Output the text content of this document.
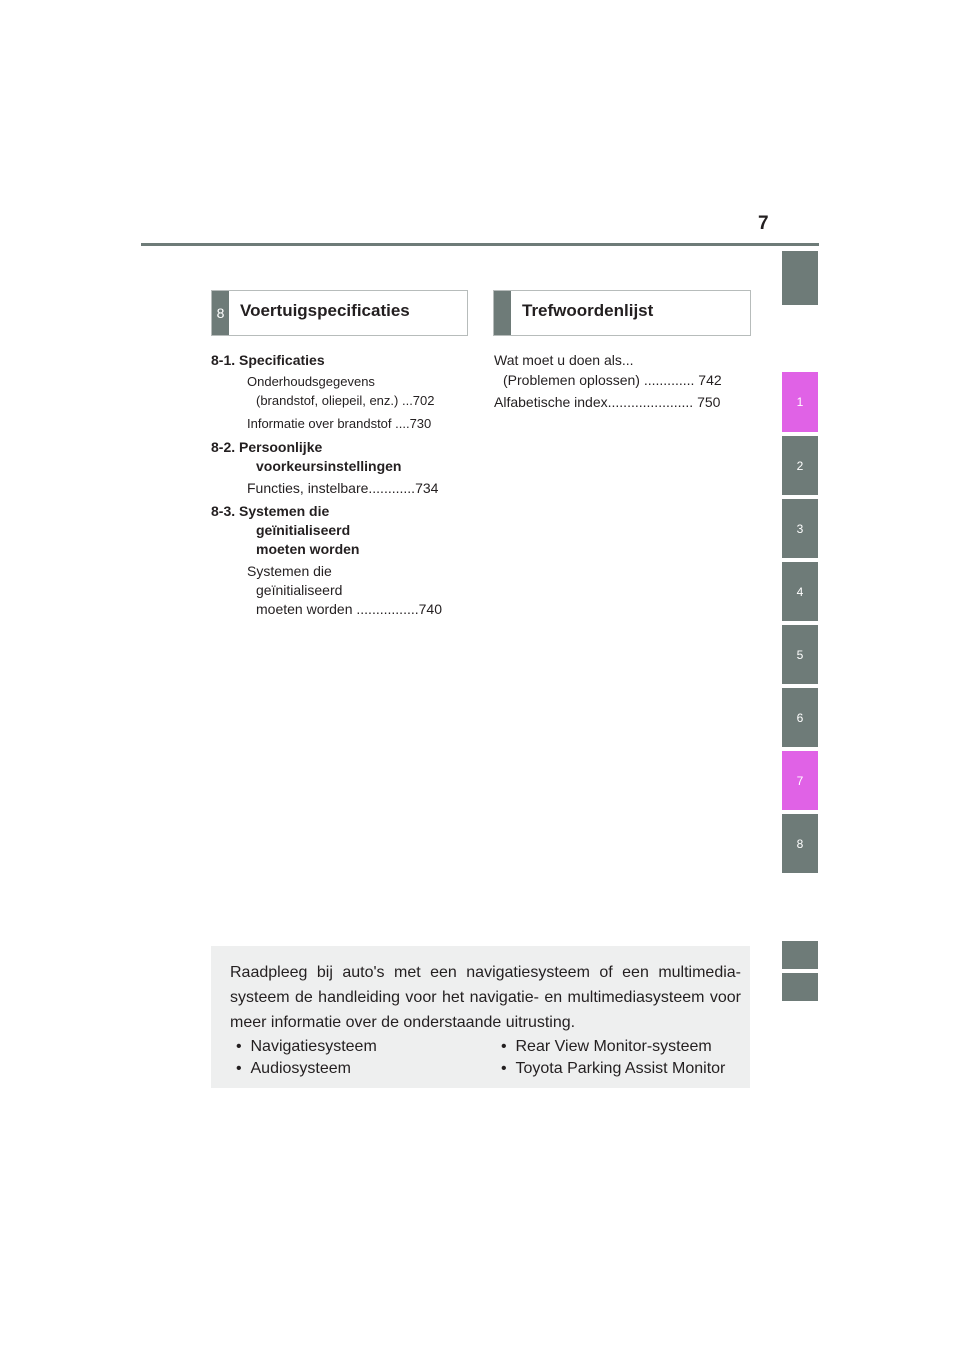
7
1
2
3
4
5
6
7
8
8 Voertuigspecificaties	Trefwoordenlijst
8-1. Specificaties
Onderhoudsgegevens
(brandstof, oliepeil, enz.) ...702
Informatie over brandstof ....730
8-2. Persoonlijke
voorkeursinstellingen
Functies, instelbare............734
8-3. Systemen die
geïnitialiseerd
moeten worden
Systemen die
geïnitialiseerd
moeten worden ................740
Wat moet u doen als...
(Problemen oplossen) ............. 742
Alfabetische index...................... 750
Raadpleeg bij auto's met een navigatiesysteem of een multimedia-systeem de handleiding voor het navigatie- en multimediasysteem voor meer informatie over de onderstaande uitrusting.
•  Navigatiesysteem	•  Rear View Monitor-systeem
•  Audiosysteem	•  Toyota Parking Assist Monitor
